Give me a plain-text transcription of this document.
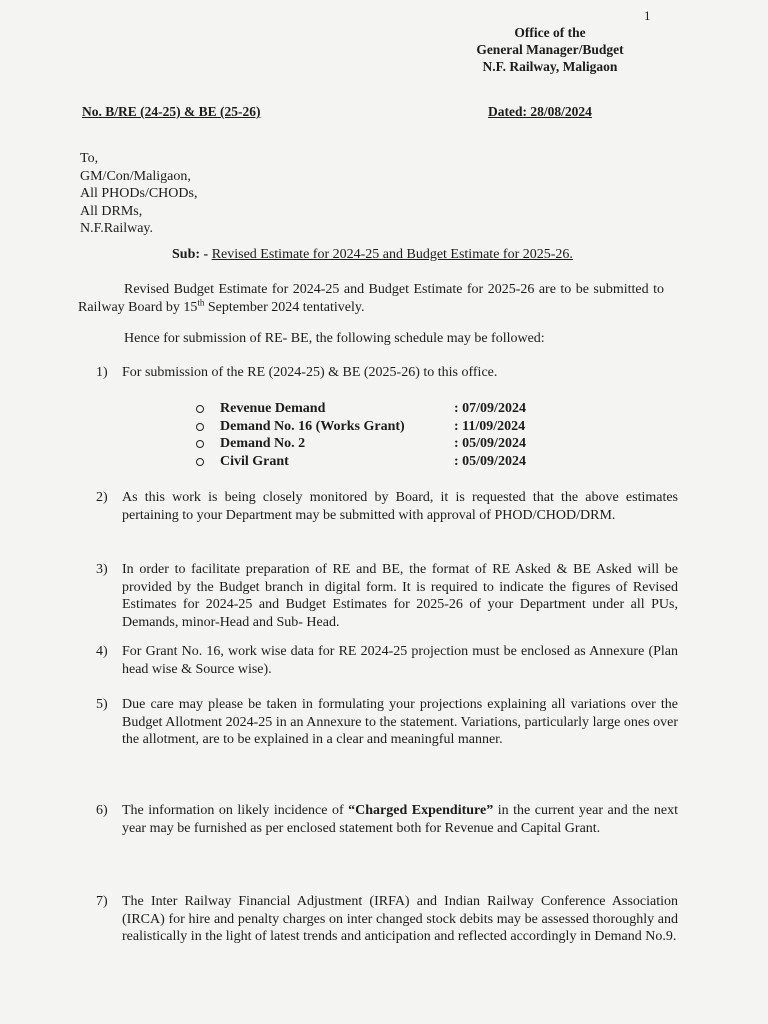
1
Office of the
General Manager/Budget
N.F. Railway, Maligaon
No. B/RE (24-25) & BE (25-26)	Dated: 28/08/2024
To,
GM/Con/Maligaon,
All PHODs/CHODs,
All DRMs,
N.F.Railway.
Sub: - Revised Estimate for 2024-25 and Budget Estimate for 2025-26.
Revised Budget Estimate for 2024-25 and Budget Estimate for 2025-26 are to be submitted to Railway Board by 15th September 2024 tentatively.
Hence for submission of RE- BE, the following schedule may be followed:
1)	For submission of the RE (2024-25) & BE (2025-26) to this office.
Revenue Demand	: 07/09/2024
Demand No. 16 (Works Grant)	: 11/09/2024
Demand No. 2	: 05/09/2024
Civil Grant	: 05/09/2024
2)	As this work is being closely monitored by Board, it is requested that the above estimates pertaining to your Department may be submitted with approval of PHOD/CHOD/DRM.
3)	In order to facilitate preparation of RE and BE, the format of RE Asked & BE Asked will be provided by the Budget branch in digital form. It is required to indicate the figures of Revised Estimates for 2024-25 and Budget Estimates for 2025-26 of your Department under all PUs, Demands, minor-Head and Sub- Head.
4)	For Grant No. 16, work wise data for RE 2024-25 projection must be enclosed as Annexure (Plan head wise & Source wise).
5)	Due care may please be taken in formulating your projections explaining all variations over the Budget Allotment 2024-25 in an Annexure to the statement. Variations, particularly large ones over the allotment, are to be explained in a clear and meaningful manner.
6)	The information on likely incidence of “Charged Expenditure” in the current year and the next year may be furnished as per enclosed statement both for Revenue and Capital Grant.
7)	The Inter Railway Financial Adjustment (IRFA) and Indian Railway Conference Association (IRCA) for hire and penalty charges on inter changed stock debits may be assessed thoroughly and realistically in the light of latest trends and anticipation and reflected accordingly in Demand No.9.
